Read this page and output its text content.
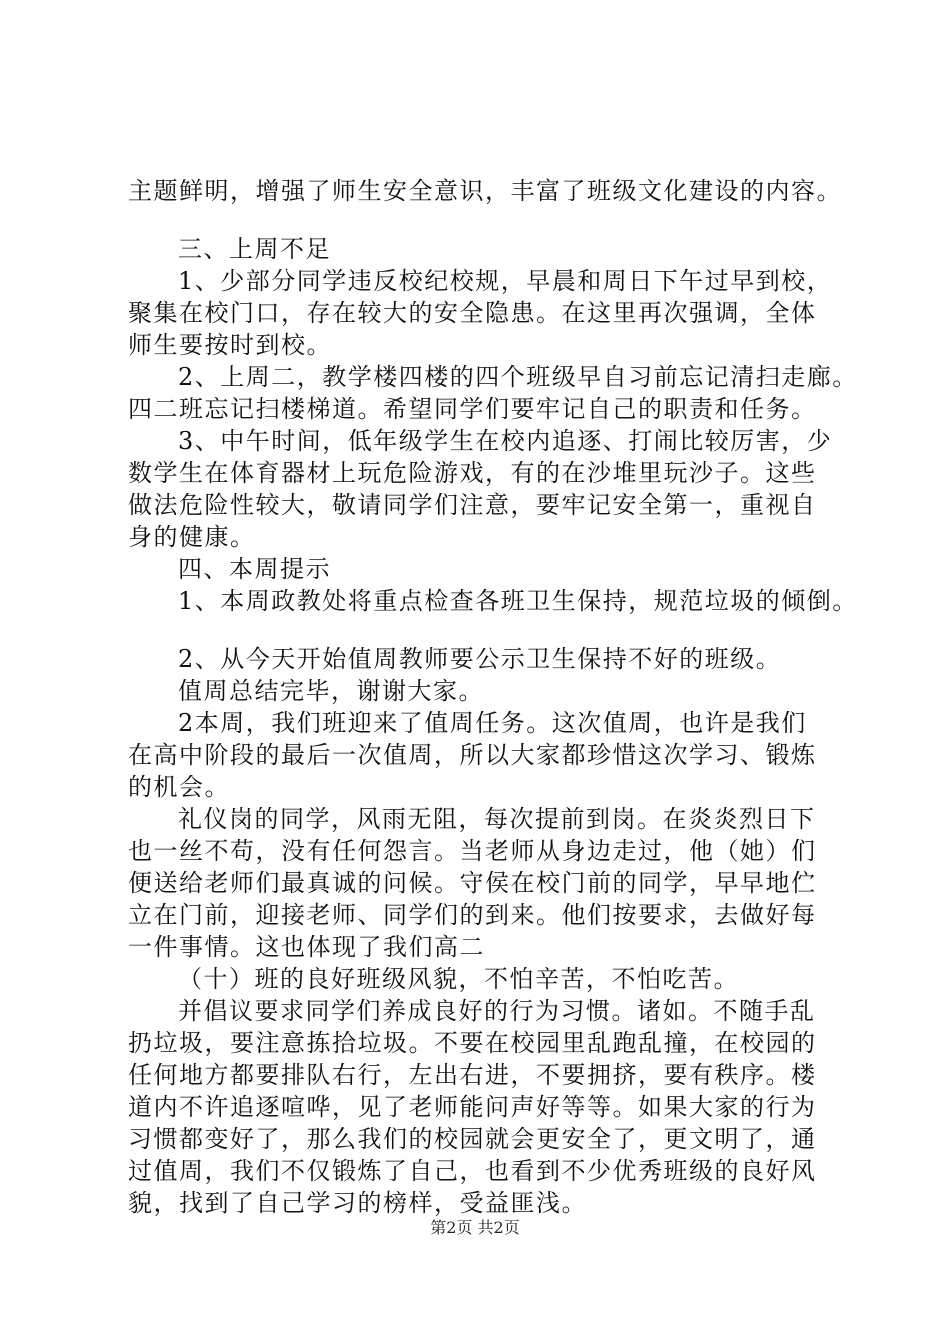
主题鲜明，增强了师生安全意识，丰富了班级文化建设的内容。
三、上周不足
1、少部分同学违反校纪校规，早晨和周日下午过早到校，
聚集在校门口，存在较大的安全隐患。在这里再次强调，全体
师生要按时到校。
2、上周二，教学楼四楼的四个班级早自习前忘记清扫走廊。
四二班忘记扫楼梯道。希望同学们要牢记自己的职责和任务。
3、中午时间，低年级学生在校内追逐、打闹比较厉害，少
数学生在体育器材上玩危险游戏，有的在沙堆里玩沙子。这些
做法危险性较大，敬请同学们注意，要牢记安全第一，重视自
身的健康。
四、本周提示
1、本周政教处将重点检查各班卫生保持，规范垃圾的倾倒。
2、从今天开始值周教师要公示卫生保持不好的班级。
值周总结完毕，谢谢大家。
2本周，我们班迎来了值周任务。这次值周，也许是我们
在高中阶段的最后一次值周，所以大家都珍惜这次学习、锻炼
的机会。
礼仪岗的同学，风雨无阻，每次提前到岗。在炎炎烈日下
也一丝不苟，没有任何怨言。当老师从身边走过，他（她）们
便送给老师们最真诚的问候。守侯在校门前的同学，早早地伫
立在门前，迎接老师、同学们的到来。他们按要求，去做好每
一件事情。这也体现了我们高二
（十）班的良好班级风貌，不怕辛苦，不怕吃苦。
并倡议要求同学们养成良好的行为习惯。诸如。不随手乱
扔垃圾，要注意拣拾垃圾。不要在校园里乱跑乱撞，在校园的
任何地方都要排队右行，左出右进，不要拥挤，要有秩序。楼
道内不许追逐喧哗，见了老师能问声好等等。如果大家的行为
习惯都变好了，那么我们的校园就会更安全了，更文明了，通
过值周，我们不仅锻炼了自己，也看到不少优秀班级的良好风
貌，找到了自己学习的榜样，受益匪浅。
第2页 共2页
